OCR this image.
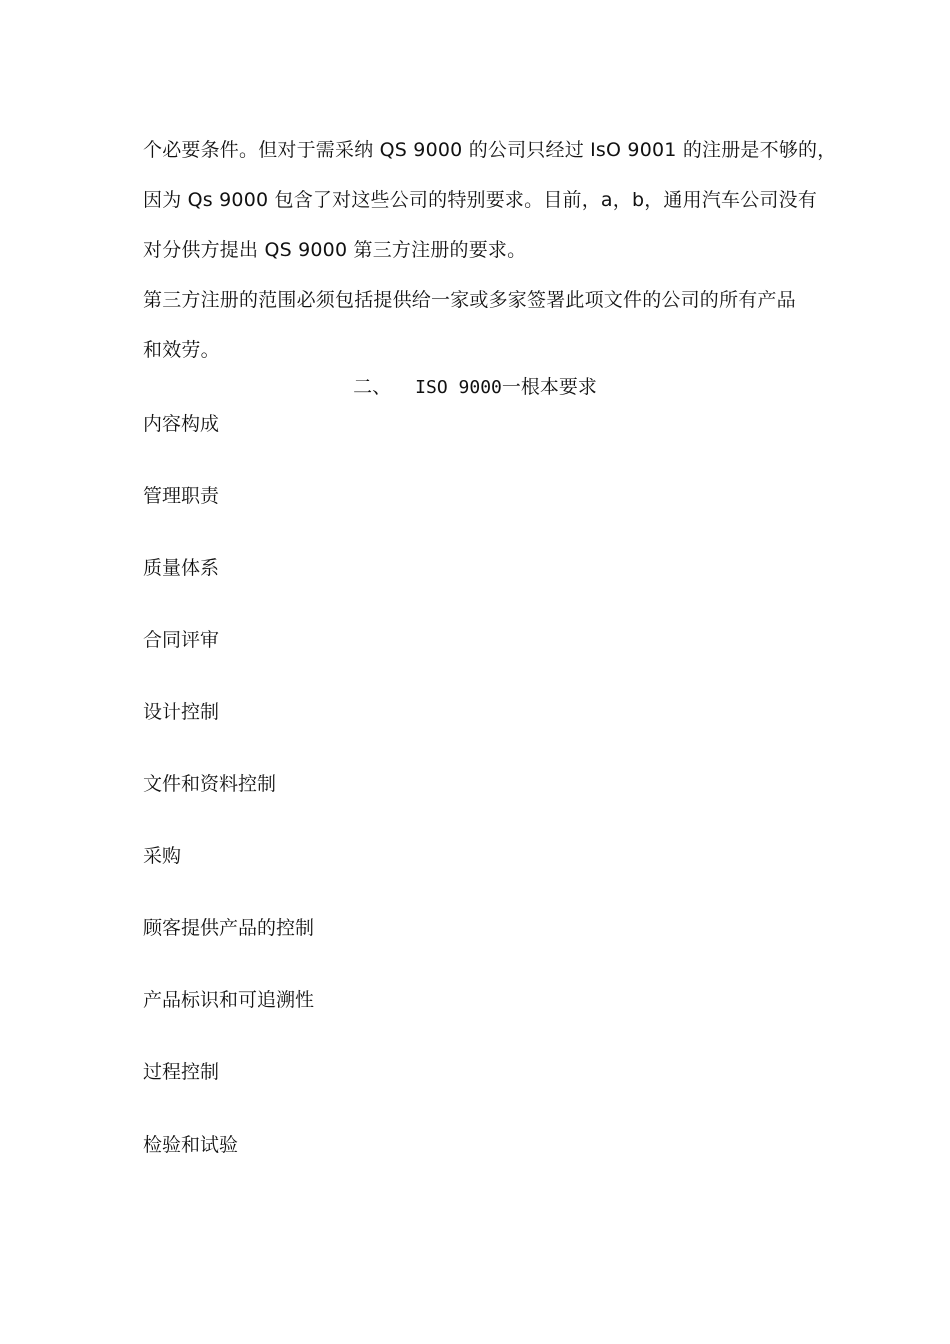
个必要条件。但对于需采纳 QS 9000 的公司只经过 IsO 9001 的注册是不够的，
因为 Qs 9000 包含了对这些公司的特别要求。目前，a，b，通用汽车公司没有
对分供方提出 QS 9000 第三方注册的要求。
第三方注册的范围必须包括提供给一家或多家签署此项文件的公司的所有产品
和效劳。
二、 ISO 9000一根本要求
内容构成
管理职责
质量体系
合同评审
设计控制
文件和资料控制
采购
顾客提供产品的控制
产品标识和可追溯性
过程控制
检验和试验
